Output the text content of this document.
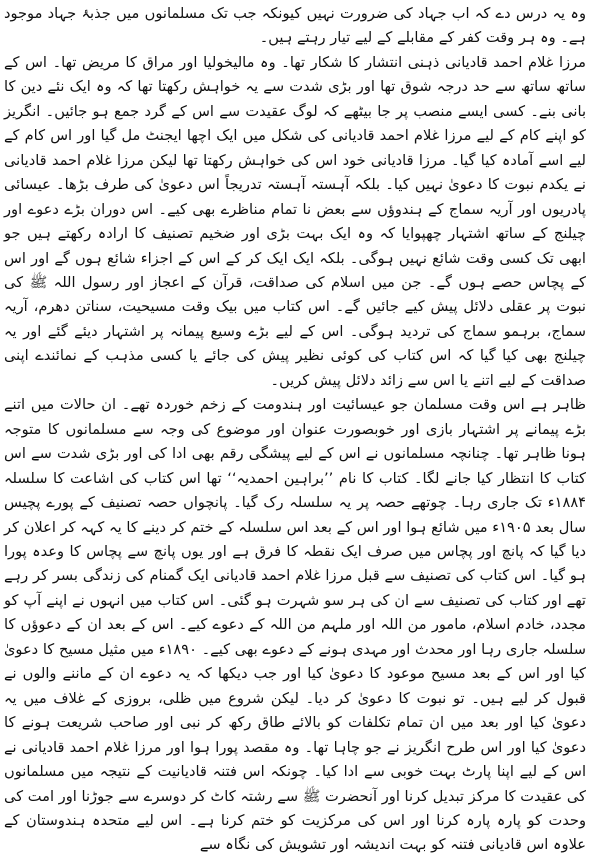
وہ یہ درس دے کہ اب جہاد کی ضرورت نہیں کیونکہ جب تک مسلمانوں میں جذبۂ جہاد موجود ہے۔ وہ ہر وقت کفر کے مقابلے کے لیے تیار رہتے ہیں۔

مرزا غلام احمد قادیانی ذہنی انتشار کا شکار تھا۔ وہ مالیخولیا اور مراق کا مریض تھا۔ اس کے ساتھ ساتھ سے حد درجہ شوق تھا اور بڑی شدت سے یہ خواہش رکھتا تھا کہ وہ ایک نئے دین کا بانی بنے۔ کسی ایسے منصب پر جا بیٹھے کہ لوگ عقیدت سے اس کے گرد جمع ہو جائیں۔ انگریز کو اپنے کام کے لیے مرزا غلام احمد قادیانی کی شکل میں ایک اچھا ایجنٹ مل گیا اور اس کام کے لیے اسے آمادہ کیا گیا۔ مرزا قادیانی خود اس کی خواہش رکھتا تھا لیکن مرزا غلام احمد قادیانی نے یکدم نبوت کا دعویٰ نہیں کیا۔ بلکہ آہستہ آہستہ تدریجاً اس دعویٰ کی طرف بڑھا۔ عیسائی پادریوں اور آریہ سماج کے ہندوؤں سے بعض نا تمام مناظرے بھی کیے۔ اس دوران بڑے دعوے اور چیلنج کے ساتھ اشتہار چھپوایا کہ وہ ایک بہت بڑی اور ضخیم تصنیف کا ارادہ رکھتے ہیں جو ابھی تک کسی وقت شائع نہیں ہوگی۔ بلکہ ایک ایک کر کے اس کے اجزاء شائع ہوں گے اور اس کے پچاس حصے ہوں گے۔ جن میں اسلام کی صداقت، قرآن کے اعجاز اور رسول اللہ ﷺ کی نبوت پر عقلی دلائل پیش کیے جائیں گے۔ اس کتاب میں بیک وقت مسیحیت، سناتن دھرم، آریہ سماج، برہمو سماج کی تردید ہوگی۔ اس کے لیے بڑے وسیع پیمانہ پر اشتہار دیئے گئے اور یہ چیلنج بھی کیا گیا کہ اس کتاب کی کوئی نظیر پیش کی جائے یا کسی مذہب کے نمائندے اپنی صداقت کے لیے اتنے یا اس سے زائد دلائل پیش کریں۔

ظاہر ہے اس وقت مسلمان جو عیسائیت اور ہندومت کے زخم خوردہ تھے۔ ان حالات میں اتنے بڑے پیمانے پر اشتہار بازی اور خوبصورت عنوان اور موضوع کی وجہ سے مسلمانوں کا متوجہ ہونا ظاہر تھا۔ چنانچہ مسلمانوں نے اس کے لیے پیشگی رقم بھی ادا کی اور بڑی شدت سے اس کتاب کا انتظار کیا جانے لگا۔ کتاب کا نام ’’براہین احمدیہ‘‘ تھا اس کتاب کی اشاعت کا سلسلہ ۱۸۸۴ء تک جاری رہا۔ چوتھے حصہ پر یہ سلسلہ رک گیا۔ پانچواں حصہ تصنیف کے پورے پچیس سال بعد ۱۹۰۵ء میں شائع ہوا اور اس کے بعد اس سلسلہ کے ختم کر دینے کا یہ کہہ کر اعلان کر دیا گیا کہ پانچ اور پچاس میں صرف ایک نقطہ کا فرق ہے اور یوں پانچ سے پچاس کا وعدہ پورا ہو گیا۔ اس کتاب کی تصنیف سے قبل مرزا غلام احمد قادیانی ایک گمنام کی زندگی بسر کر رہے تھے اور کتاب کی تصنیف سے ان کی ہر سو شہرت ہو گئی۔ اس کتاب میں انہوں نے اپنے آپ کو مجدد، خادم اسلام، مامور من اللہ اور ملہم من اللہ کے دعوے کیے۔ اس کے بعد ان کے دعوؤں کا سلسلہ جاری رہا اور محدث اور مہدی ہونے کے دعوے بھی کیے۔ ۱۸۹۰ء میں مثیل مسیح کا دعویٰ کیا اور اس کے بعد مسیح موعود کا دعویٰ کیا اور جب دیکھا کہ یہ دعوے ان کے ماننے والوں نے قبول کر لیے ہیں۔ تو نبوت کا دعویٰ کر دیا۔ لیکن شروع میں ظلی، بروزی کے غلاف میں یہ دعویٰ کیا اور بعد میں ان تمام تکلفات کو بالائے طاق رکھ کر نبی اور صاحب شریعت ہونے کا دعویٰ کیا اور اس طرح انگریز نے جو چاہا تھا۔ وہ مقصد پورا ہوا اور مرزا غلام احمد قادیانی نے اس کے لیے اپنا پارٹ بہت خوبی سے ادا کیا۔ چونکہ اس فتنہ قادیانیت کے نتیجہ میں مسلمانوں کی عقیدت کا مرکز تبدیل کرنا اور آنحضرت ﷺ سے رشتہ کاٹ کر دوسرے سے جوڑنا اور امت کی وحدت کو پارہ پارہ کرنا اور اس کی مرکزیت کو ختم کرنا ہے۔ اس لیے متحدہ ہندوستان کے علاوہ اس قادیانی فتنہ کو بہت اندیشہ اور تشویش کی نگاہ سے
